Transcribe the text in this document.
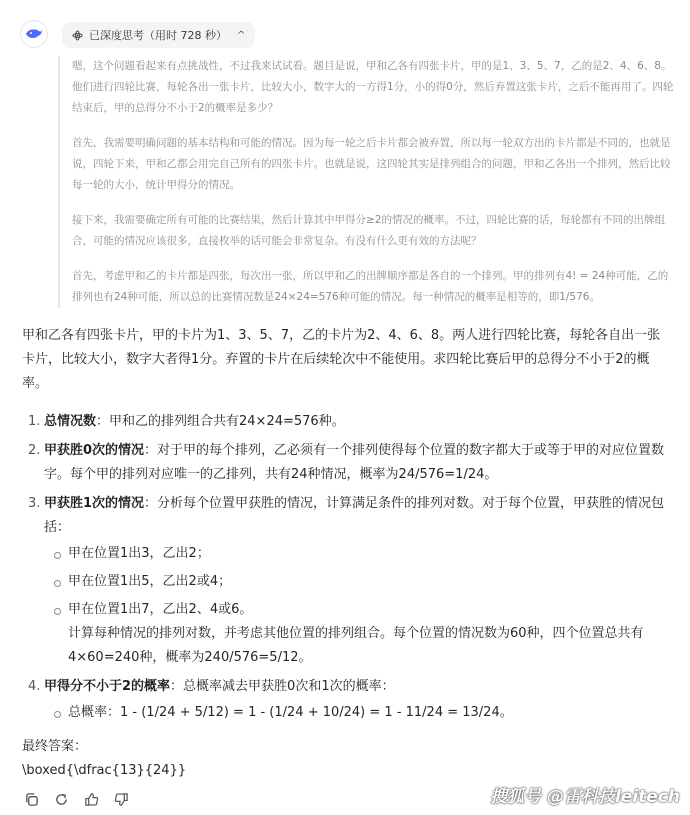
已深度思考（用时 728 秒） ^

嗯，这个问题看起来有点挑战性，不过我来试试看。题目是说，甲和乙各有四张卡片，甲的是1、3、5、7，乙的是2、4、6、8。他们进行四轮比赛，每轮各出一张卡片，比较大小，数字大的一方得1分，小的得0分，然后弃置这张卡片，之后不能再用了。四轮结束后，甲的总得分不小于2的概率是多少？

首先，我需要明确问题的基本结构和可能的情况。因为每一轮之后卡片都会被弃置，所以每一轮双方出的卡片都是不同的，也就是说，四轮下来，甲和乙都会用完自己所有的四张卡片。也就是说，这四轮其实是排列组合的问题，甲和乙各出一个排列，然后比较每一轮的大小，统计甲得分的情况。

接下来，我需要确定所有可能的比赛结果，然后计算其中甲得分≥2的情况的概率。不过，四轮比赛的话，每轮都有不同的出牌组合，可能的情况应该很多，直接枚举的话可能会非常复杂。有没有什么更有效的方法呢？

首先，考虑甲和乙的卡片都是四张，每次出一张，所以甲和乙的出牌顺序都是各自的一个排列。甲的排列有4! = 24种可能，乙的排列也有24种可能，所以总的比赛情况数是24×24=576种可能的情况。每一种情况的概率是相等的，即1/576。

甲和乙各有四张卡片，甲的卡片为1、3、5、7，乙的卡片为2、4、6、8。两人进行四轮比赛，每轮各自出一张卡片，比较大小，数字大者得1分。弃置的卡片在后续轮次中不能使用。求四轮比赛后甲的总得分不小于2的概率。

1. 总情况数：甲和乙的排列组合共有24×24=576种。
2. 甲获胜0次的情况：对于甲的每个排列，乙必须有一个排列使得每个位置的数字都大于或等于甲的对应位置数字。每个甲的排列对应唯一的乙排列，共有24种情况，概率为24/576=1/24。
3. 甲获胜1次的情况：分析每个位置甲获胜的情况，计算满足条件的排列对数。对于每个位置，甲获胜的情况包括：
甲在位置1出3，乙出2；
甲在位置1出5，乙出2或4；
甲在位置1出7，乙出2、4或6。
计算每种情况的排列对数，并考虑其他位置的排列组合。每个位置的情况数为60种，四个位置总共有4×60=240种，概率为240/576=5/12。
4. 甲得分不小于2的概率：总概率减去甲获胜0次和1次的概率：
总概率：1 - (1/24 + 5/12) = 1 - (1/24 + 10/24) = 1 - 11/24 = 13/24。

最终答案：

\boxed{\dfrac{13}{24}}

搜狐号 @雷科技leitech
